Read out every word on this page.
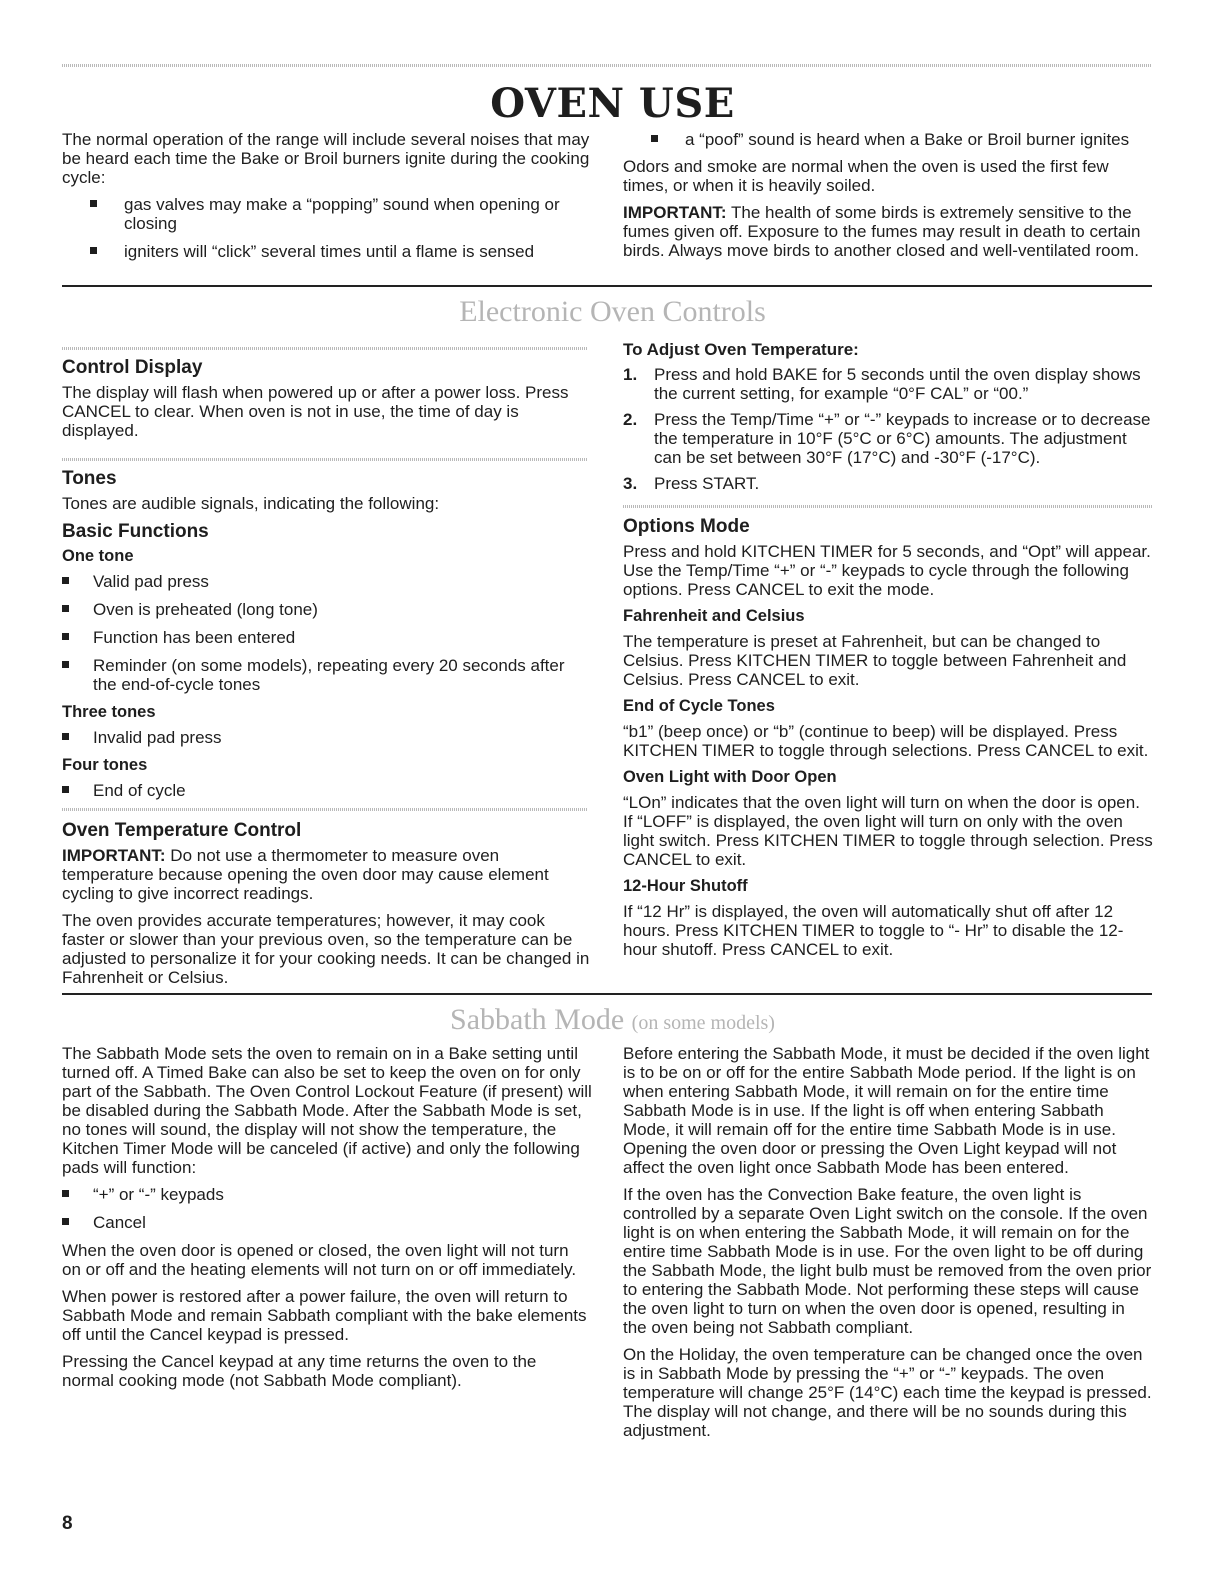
OVEN USE

The normal operation of the range will include several noises that may be heard each time the Bake or Broil burners ignite during the cooking cycle:

gas valves may make a “popping” sound when opening or closing
igniters will “click” several times until a flame is sensed
a “poof” sound is heard when a Bake or Broil burner ignites

Odors and smoke are normal when the oven is used the first few times, or when it is heavily soiled.

IMPORTANT: The health of some birds is extremely sensitive to the fumes given off. Exposure to the fumes may result in death to certain birds. Always move birds to another closed and well-ventilated room.

Electronic Oven Controls
Control Display

The display will flash when powered up or after a power loss. Press CANCEL to clear. When oven is not in use, the time of day is displayed.

Tones

Tones are audible signals, indicating the following:

Basic Functions
One tone
Valid pad press
Oven is preheated (long tone)
Function has been entered
Reminder (on some models), repeating every 20 seconds after the end-of-cycle tones
Three tones
Invalid pad press
Four tones
End of cycle
Oven Temperature Control

IMPORTANT: Do not use a thermometer to measure oven temperature because opening the oven door may cause element cycling to give incorrect readings.

The oven provides accurate temperatures; however, it may cook faster or slower than your previous oven, so the temperature can be adjusted to personalize it for your cooking needs. It can be changed in Fahrenheit or Celsius.

To Adjust Oven Temperature:
1. Press and hold BAKE for 5 seconds until the oven display shows the current setting, for example “0°F CAL” or “00.”
2. Press the Temp/Time “+” or “-” keypads to increase or to decrease the temperature in 10°F (5°C or 6°C) amounts. The adjustment can be set between 30°F (17°C) and -30°F (-17°C).
3. Press START.
Options Mode

Press and hold KITCHEN TIMER for 5 seconds, and “Opt” will appear. Use the Temp/Time “+” or “-” keypads to cycle through the following options. Press CANCEL to exit the mode.

Fahrenheit and Celsius

The temperature is preset at Fahrenheit, but can be changed to Celsius. Press KITCHEN TIMER to toggle between Fahrenheit and Celsius. Press CANCEL to exit.

End of Cycle Tones

“b1” (beep once) or “b” (continue to beep) will be displayed. Press KITCHEN TIMER to toggle through selections. Press CANCEL to exit.

Oven Light with Door Open

“LOn” indicates that the oven light will turn on when the door is open. If “LOFF” is displayed, the oven light will turn on only with the oven light switch. Press KITCHEN TIMER to toggle through selection. Press CANCEL to exit.

12-Hour Shutoff

If “12 Hr” is displayed, the oven will automatically shut off after 12 hours. Press KITCHEN TIMER to toggle to “- Hr” to disable the 12-hour shutoff. Press CANCEL to exit.

Sabbath Mode (on some models)

The Sabbath Mode sets the oven to remain on in a Bake setting until turned off. A Timed Bake can also be set to keep the oven on for only part of the Sabbath. The Oven Control Lockout Feature (if present) will be disabled during the Sabbath Mode. After the Sabbath Mode is set, no tones will sound, the display will not show the temperature, the Kitchen Timer Mode will be canceled (if active) and only the following pads will function:

“+” or “-” keypads
Cancel

When the oven door is opened or closed, the oven light will not turn on or off and the heating elements will not turn on or off immediately.

When power is restored after a power failure, the oven will return to Sabbath Mode and remain Sabbath compliant with the bake elements off until the Cancel keypad is pressed.

Pressing the Cancel keypad at any time returns the oven to the normal cooking mode (not Sabbath Mode compliant).

Before entering the Sabbath Mode, it must be decided if the oven light is to be on or off for the entire Sabbath Mode period. If the light is on when entering Sabbath Mode, it will remain on for the entire time Sabbath Mode is in use. If the light is off when entering Sabbath Mode, it will remain off for the entire time Sabbath Mode is in use. Opening the oven door or pressing the Oven Light keypad will not affect the oven light once Sabbath Mode has been entered.

If the oven has the Convection Bake feature, the oven light is controlled by a separate Oven Light switch on the console. If the oven light is on when entering the Sabbath Mode, it will remain on for the entire time Sabbath Mode is in use. For the oven light to be off during the Sabbath Mode, the light bulb must be removed from the oven prior to entering the Sabbath Mode. Not performing these steps will cause the oven light to turn on when the oven door is opened, resulting in the oven being not Sabbath compliant.

On the Holiday, the oven temperature can be changed once the oven is in Sabbath Mode by pressing the “+” or “-” keypads. The oven temperature will change 25°F (14°C) each time the keypad is pressed. The display will not change, and there will be no sounds during this adjustment.

8
